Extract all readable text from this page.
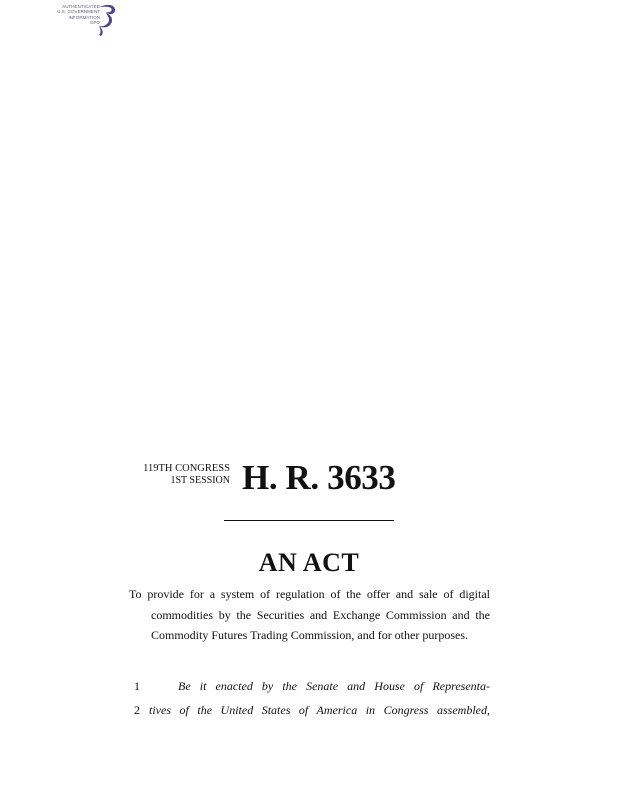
AUTHENTICATED
U.S. GOVERNMENT
INFORMATION
GPO
119TH CONGRESS
1ST SESSION H. R. 3633
AN ACT
To provide for a system of regulation of the offer and sale of digital commodities by the Securities and Exchange Commission and the Commodity Futures Trading Commission, and for other purposes.
1	Be it enacted by the Senate and House of Representa-
2 tives of the United States of America in Congress assembled,
